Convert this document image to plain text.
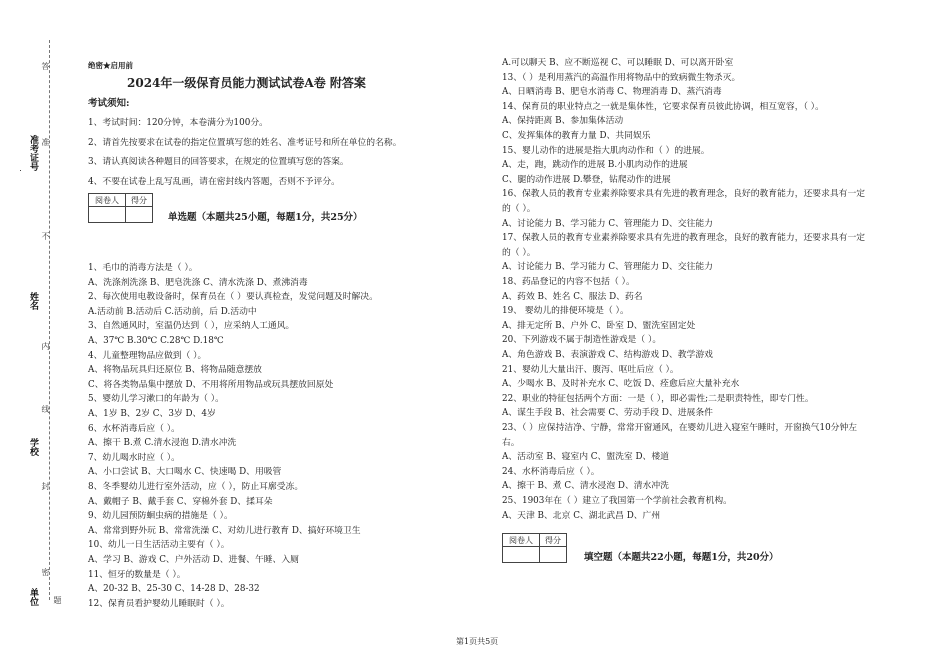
答
准
不
内
线
封
密
题
准考证号
姓名
学校
单位
绝密★启用前
2024年一级保育员能力测试试卷A卷 附答案
考试须知:
1、考试时间：120分钟，本卷满分为100分。
2、请首先按要求在试卷的指定位置填写您的姓名、准考证号和所在单位的名称。
3、请认真阅读各种题目的回答要求，在规定的位置填写您的答案。
4、不要在试卷上乱写乱画，请在密封线内答题，否则不予评分。
阅卷人	得分

单选题（本题共25小题，每题1分，共25分）
1、毛巾的消毒方法是（ ）。
A、洗涤剂洗涤 B、肥皂洗涤 C、清水洗涤 D、煮沸消毒
2、每次使用电教设备时，保育员在（ ）要认真检查，发觉问题及时解决。
A.活动前 B.活动后 C.活动前，后 D.活动中
3、自然通风时，室温仍达到（ ），应采纳人工通风。
A、37℃ B.30℃ C.28℃ D.18℃
4、儿童整理物品应做到（ ）。
A、将物品玩具归还原位 B、将物品随意摆放
C、将各类物品集中摆放 D、不用将所用物品或玩具摆放回原处
5、婴幼儿学习漱口的年龄为（ ）。
A、1岁 B、2岁 C、3岁 D、4岁
6、水杯消毒后应（ ）。
A、擦干 B.煮 C.清水浸泡 D.清水冲洗
7、幼儿喝水时应（ ）。
A、小口尝试 B、大口喝水 C、快速喝 D、用吸管
8、冬季婴幼儿进行室外活动，应（ ），防止耳廓受冻。
A、戴帽子 B、戴手套 C、穿棉外套 D、揉耳朵
9、幼儿园预防蛔虫病的措施是（ ）。
A、常常到野外玩 B、常常洗澡 C、对幼儿进行教育 D、搞好环境卫生
10、幼儿一日生活活动主要有（ ）。
A、学习 B、游戏 C、户外活动 D、进餐、午睡、入厕
11、恒牙的数量是（ ）。
A、20-32 B、25-30 C、14-28 D、28-32
12、保育员看护婴幼儿睡眠时（ ）。
A.可以聊天 B、应不断巡视 C、可以睡眠 D、可以离开卧室
13、（ ）是利用蒸汽的高温作用将物品中的致病微生物杀灭。
A、日晒消毒 B、肥皂水消毒 C、物理消毒 D、蒸汽消毒
14、保育员的职业特点之一就是集体性，它要求保育员彼此协调，相互宽容，（ ）。
A、保持距离 B、参加集体活动
C、发挥集体的教育力量 D、共同娱乐
15、婴儿动作的进展是指大肌肉动作和（ ）的进展。
A、走，跑，跳动作的进展 B.小肌肉动作的进展
C、腿的动作进展 D.攀登，钻爬动作的进展
16、保教人员的教育专业素养除要求具有先进的教育理念，良好的教育能力，还要求具有一定
的（ ）。
A、讨论能力 B、学习能力 C、管理能力 D、交往能力
17、保教人员的教育专业素养除要求具有先进的教育理念，良好的教育能力，还要求具有一定
的（ ）。
A、讨论能力 B、学习能力 C、管理能力 D、交往能力
18、药品登记的内容不包括（ ）。
A、药效 B、姓名 C、服法 D、药名
19、 婴幼儿的排便环境是（ ）。
A、排无定所 B、户外 C、卧室 D、盥洗室固定处
20、下列游戏不属于制造性游戏是（ ）。
A、角色游戏 B、表演游戏 C、结构游戏 D、教学游戏
21、婴幼儿大量出汗、腹泻、呕吐后应（ ）。
A、少喝水 B、及时补充水 C、吃饭 D、痊愈后应大量补充水
22、职业的特征包括两个方面：一是（ ），即必需性;二是职责特性，即专门性。
A、谋生手段 B、社会需要 C、劳动手段 D、进展条件
23、（ ）应保持洁净、宁静，常常开窗通风，在婴幼儿进入寝室午睡时，开窗换气10分钟左
右。
A、活动室 B、寝室内 C、盥洗室 D、楼道
24、水杯消毒后应（ ）。
A、擦干 B、煮 C、清水浸泡 D、清水冲洗
25、1903年在（ ）建立了我国第一个学前社会教育机构。
A、天津 B、北京 C、湖北武昌 D、广州
阅卷人	得分

填空题（本题共22小题，每题1分，共20分）
第1页共5页
